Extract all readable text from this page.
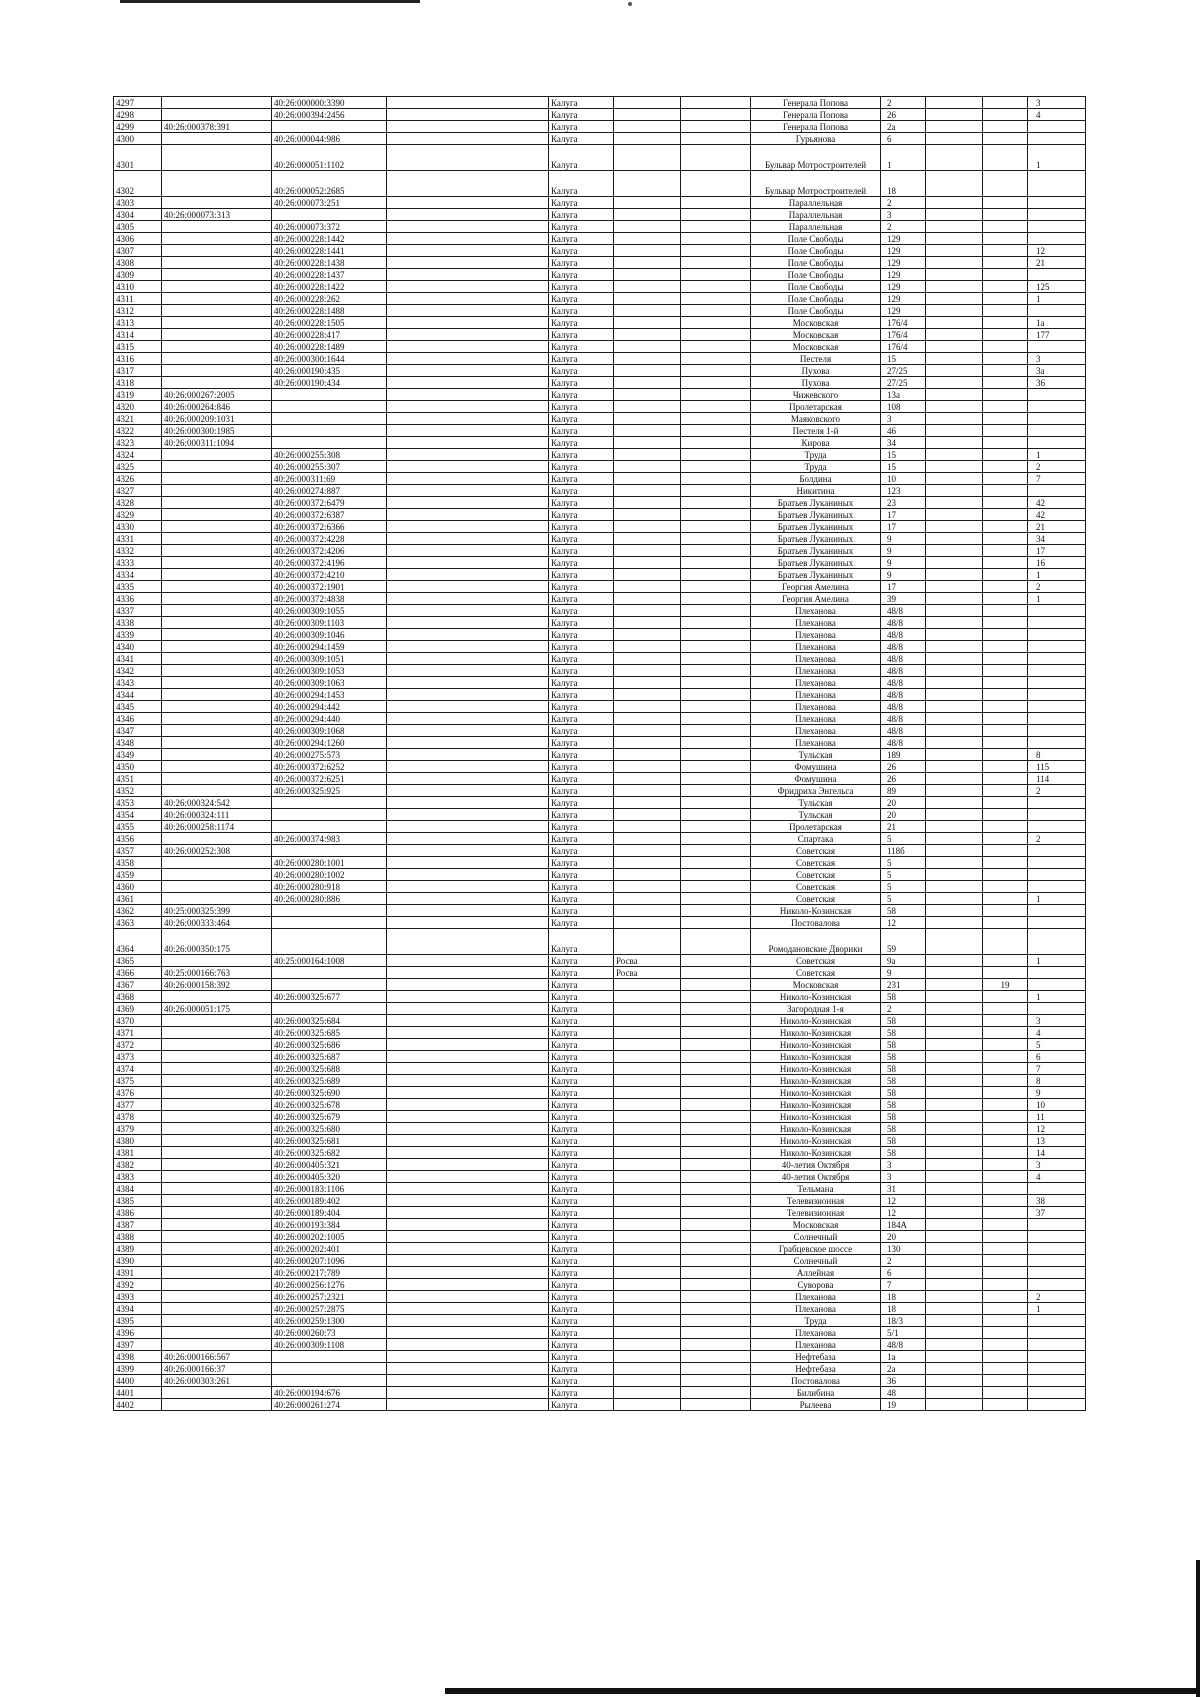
4297		40:26:000000:3390		Калуга			Генерала Попова	2			3
4298		40:26:000394:2456		Калуга			Генерала Попова	26			4
4299	40:26:000378:391			Калуга			Генерала Попова	2а			
4300		40:26:000044:986		Калуга			Гурьянова	6			
4301		40:26:000051:1102		Калуга			Бульвар Мотростроителей	1			1
4302		40:26:000052:2685		Калуга			Бульвар Мотростроителей	18			
4303		40:26:000073:251		Калуга			Параллельная	2			
4304	40:26:000073:313			Калуга			Параллельная	3			
4305		40:26:000073:372		Калуга			Параллельная	2			
4306		40:26:000228:1442		Калуга			Поле Свободы	129			
4307		40:26:000228:1441		Калуга			Поле Свободы	129			12
4308		40:26:000228:1438		Калуга			Поле Свободы	129			21
4309		40:26:000228:1437		Калуга			Поле Свободы	129			
4310		40:26:000228:1422		Калуга			Поле Свободы	129			125
4311		40:26:000228:262		Калуга			Поле Свободы	129			1
4312		40:26:000228:1488		Калуга			Поле Свободы	129			
4313		40:26:000228:1505		Калуга			Московская	176/4			1а
4314		40:26:000228:417		Калуга			Московская	176/4			177
4315		40:26:000228:1489		Калуга			Московская	176/4			
4316		40:26:000300:1644		Калуга			Пестеля	15			3
4317		40:26:000190:435		Калуга			Пухова	27/25			3а
4318		40:26:000190:434		Калуга			Пухова	27/25			36
4319	40:26:000267:2005			Калуга			Чижевского	13а			
4320	40:26:000264:846			Калуга			Пролетарская	108			
4321	40:26:000209:1031			Калуга			Маяковского	3			
4322	40:26:000300:1985			Калуга			Пестеля 1-й	46			
4323	40:26:000311:1094			Калуга			Кирова	34			
4324		40:26:000255:308		Калуга			Труда	15			1
4325		40:26:000255:307		Калуга			Труда	15			2
4326		40:26:000311:69		Калуга			Болдина	10			7
4327		40:26:000274:887		Калуга			Никитина	123			
4328		40:26:000372:6479		Калуга			Братьев Луканиных	23			42
4329		40:26:000372:6387		Калуга			Братьев Луканиных	17			42
4330		40:26:000372:6366		Калуга			Братьев Луканиных	17			21
4331		40:26:000372:4228		Калуга			Братьев Луканиных	9			34
4332		40:26:000372:4206		Калуга			Братьев Луканиных	9			17
4333		40:26:000372:4196		Калуга			Братьев Луканиных	9			16
4334		40:26:000372:4210		Калуга			Братьев Луканиных	9			1
4335		40:26:000372:1901		Калуга			Георгия Амелина	17			2
4336		40:26:000372:4838		Калуга			Георгия Амелина	39			1
4337		40:26:000309:1055		Калуга			Плеханова	48/8			
4338		40:26:000309:1103		Калуга			Плеханова	48/8			
4339		40:26:000309:1046		Калуга			Плеханова	48/8			
4340		40:26:000294:1459		Калуга			Плеханова	48/8			
4341		40:26:000309:1051		Калуга			Плеханова	48/8			
4342		40:26:000309:1053		Калуга			Плеханова	48/8			
4343		40:26:000309:1063		Калуга			Плеханова	48/8			
4344		40:26:000294:1453		Калуга			Плеханова	48/8			
4345		40:26:000294:442		Калуга			Плеханова	48/8			
4346		40:26:000294:440		Калуга			Плеханова	48/8			
4347		40:26:000309:1068		Калуга			Плеханова	48/8			
4348		40:26:000294:1260		Калуга			Плеханова	48/8			
4349		40:26:000275:573		Калуга			Тульская	189			8
4350		40:26:000372:6252		Калуга			Фомушина	26			115
4351		40:26:000372:6251		Калуга			Фомушина	26			114
4352		40:26:000325:925		Калуга			Фридриха Энгельса	89			2
4353	40:26:000324:542			Калуга			Тульская	20			
4354	40:26:000324:111			Калуга			Тульская	20			
4355	40:26:000258:1174			Калуга			Пролетарская	21			
4356		40:26:000374:983		Калуга			Спартака	5			2
4357	40:26:000252:308			Калуга			Советская	118б			
4358		40:26:000280:1001		Калуга			Советская	5			
4359		40:26:000280:1002		Калуга			Советская	5			
4360		40:26:000280:918		Калуга			Советская	5			
4361		40:26:000280:886		Калуга			Советская	5			1
4362	40:25:000325:399			Калуга			Николо-Козинская	58			
4363	40:26:000333:464			Калуга			Постовалова	12			
4364	40:26:000350:175			Калуга			Ромодановские Дворики	59			
4365		40:25:000164:1008		Калуга	Росва		Советская	9а			1
4366	40:25:000166:763			Калуга	Росва		Советская	9			
4367	40:26:000158:392			Калуга			Московская	231		19	
4368		40:26:000325:677		Калуга			Николо-Козинская	58			1
4369	40:26:000051:175			Калуга			Загородная 1-я	2			
4370		40:26:000325:684		Калуга			Николо-Козинская	58			3
4371		40:26:000325:685		Калуга			Николо-Козинская	58			4
4372		40:26:000325:686		Калуга			Николо-Козинская	58			5
4373		40:26:000325:687		Калуга			Николо-Козинская	58			6
4374		40:26:000325:688		Калуга			Николо-Козинская	58			7
4375		40:26:000325:689		Калуга			Николо-Козинская	58			8
4376		40:26:000325:690		Калуга			Николо-Козинская	58			9
4377		40:26:000325:678		Калуга			Николо-Козинская	58			10
4378		40:26:000325:679		Калуга			Николо-Козинская	58			11
4379		40:26:000325:680		Калуга			Николо-Козинская	58			12
4380		40:26:000325:681		Калуга			Николо-Козинская	58			13
4381		40:26:000325:682		Калуга			Николо-Козинская	58			14
4382		40:26:000405:321		Калуга			40-летия Октября	3			3
4383		40:26:000405:320		Калуга			40-летия Октября	3			4
4384		40:26:000183:1106		Калуга			Тельмана	31			
4385		40:26:000189:402		Калуга			Телевизионная	12			38
4386		40:26:000189:404		Калуга			Телевизионная	12			37
4387		40:26:000193:384		Калуга			Московская	184А			
4388		40:26:000202:1005		Калуга			Солнечный	20			
4389		40:26:000202:401		Калуга			Грабцевское шоссе	130			
4390		40:26:000207:1096		Калуга			Солнечный	2			
4391		40:26:000217:789		Калуга			Аллейная	6			
4392		40:26:000256:1276		Калуга			Суворова	7			
4393		40:26:000257:2321		Калуга			Плеханова	18			2
4394		40:26:000257:2875		Калуга			Плеханова	18			1
4395		40:26:000259:1300		Калуга			Труда	18/3			
4396		40:26:000260:73		Калуга			Плеханова	5/1			
4397		40:26:000309:1108		Калуга			Плеханова	48/8			
4398	40:26:000166:567			Калуга			Нефтебаза	1а			
4399	40:26:000166:37			Калуга			Нефтебаза	2а			
4400	40:26:000303:261			Калуга			Постовалова	36			
4401		40:26:000194:676		Калуга			Билибина	48			
4402		40:26:000261:274		Калуга			Рылеева	19			
